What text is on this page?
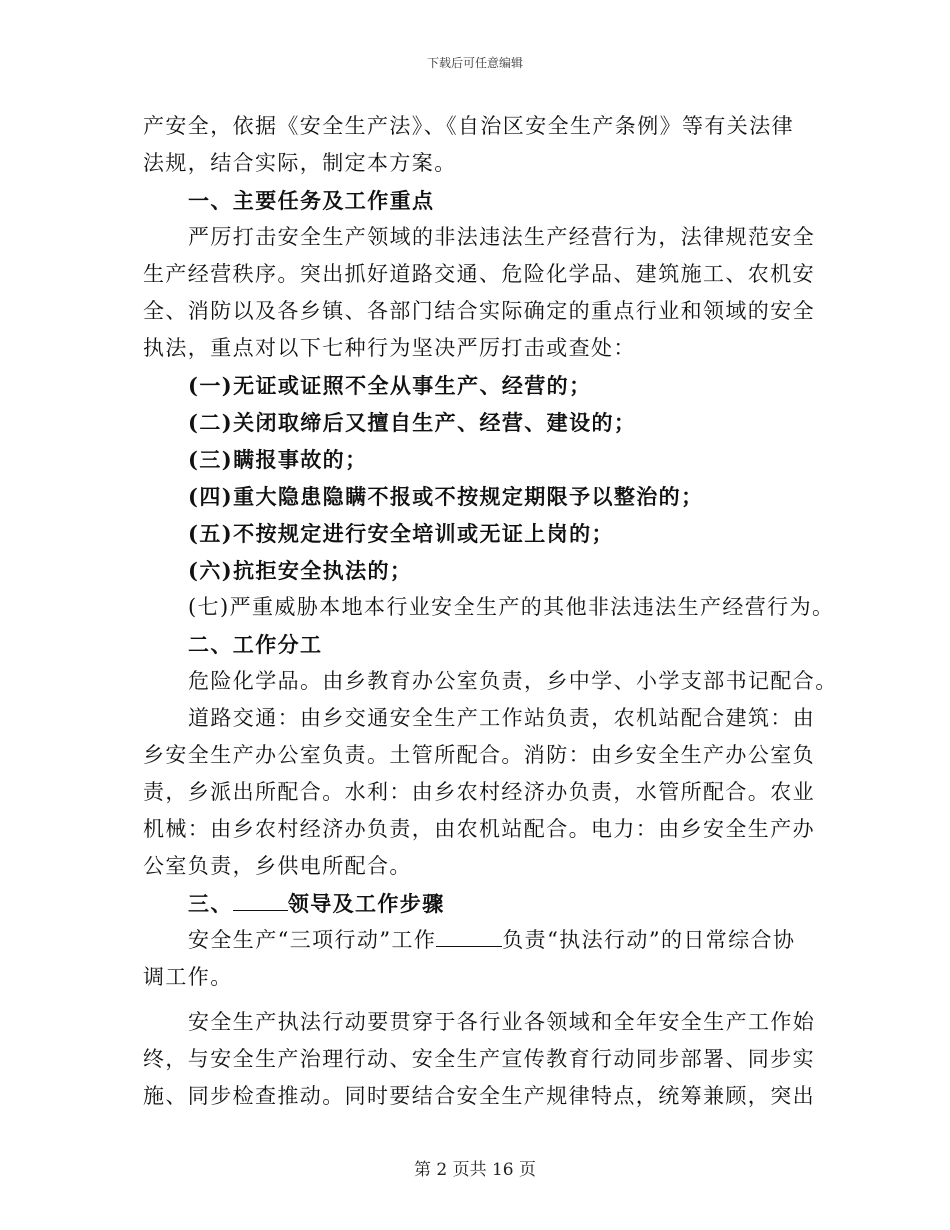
下载后可任意编辑
产安全，依据《安全生产法》、《自治区安全生产条例》等有关法律
法规，结合实际，制定本方案。
一、主要任务及工作重点
严厉打击安全生产领域的非法违法生产经营行为，法律规范安全
生产经营秩序。突出抓好道路交通、危险化学品、建筑施工、农机安
全、消防以及各乡镇、各部门结合实际确定的重点行业和领域的安全
执法，重点对以下七种行为坚决严厉打击或查处：
(一)无证或证照不全从事生产、经营的；
(二)关闭取缔后又擅自生产、经营、建设的；
(三)瞒报事故的；
(四)重大隐患隐瞒不报或不按规定期限予以整治的；
(五)不按规定进行安全培训或无证上岗的；
(六)抗拒安全执法的；
(七)严重威胁本地本行业安全生产的其他非法违法生产经营行为。
二、工作分工
危险化学品。由乡教育办公室负责，乡中学、小学支部书记配合。
道路交通：由乡交通安全生产工作站负责，农机站配合建筑：由
乡安全生产办公室负责。土管所配合。消防：由乡安全生产办公室负
责，乡派出所配合。水利：由乡农村经济办负责，水管所配合。农业
机械：由乡农村经济办负责，由农机站配合。电力：由乡安全生产办
公室负责，乡供电所配合。
三、	领导及工作步骤
安全生产“三项行动”工作	负责“执法行动”的日常综合协
调工作。
安全生产执法行动要贯穿于各行业各领域和全年安全生产工作始
终，与安全生产治理行动、安全生产宣传教育行动同步部署、同步实
施、同步检查推动。同时要结合安全生产规律特点，统筹兼顾，突出
第 2 页共 16 页
